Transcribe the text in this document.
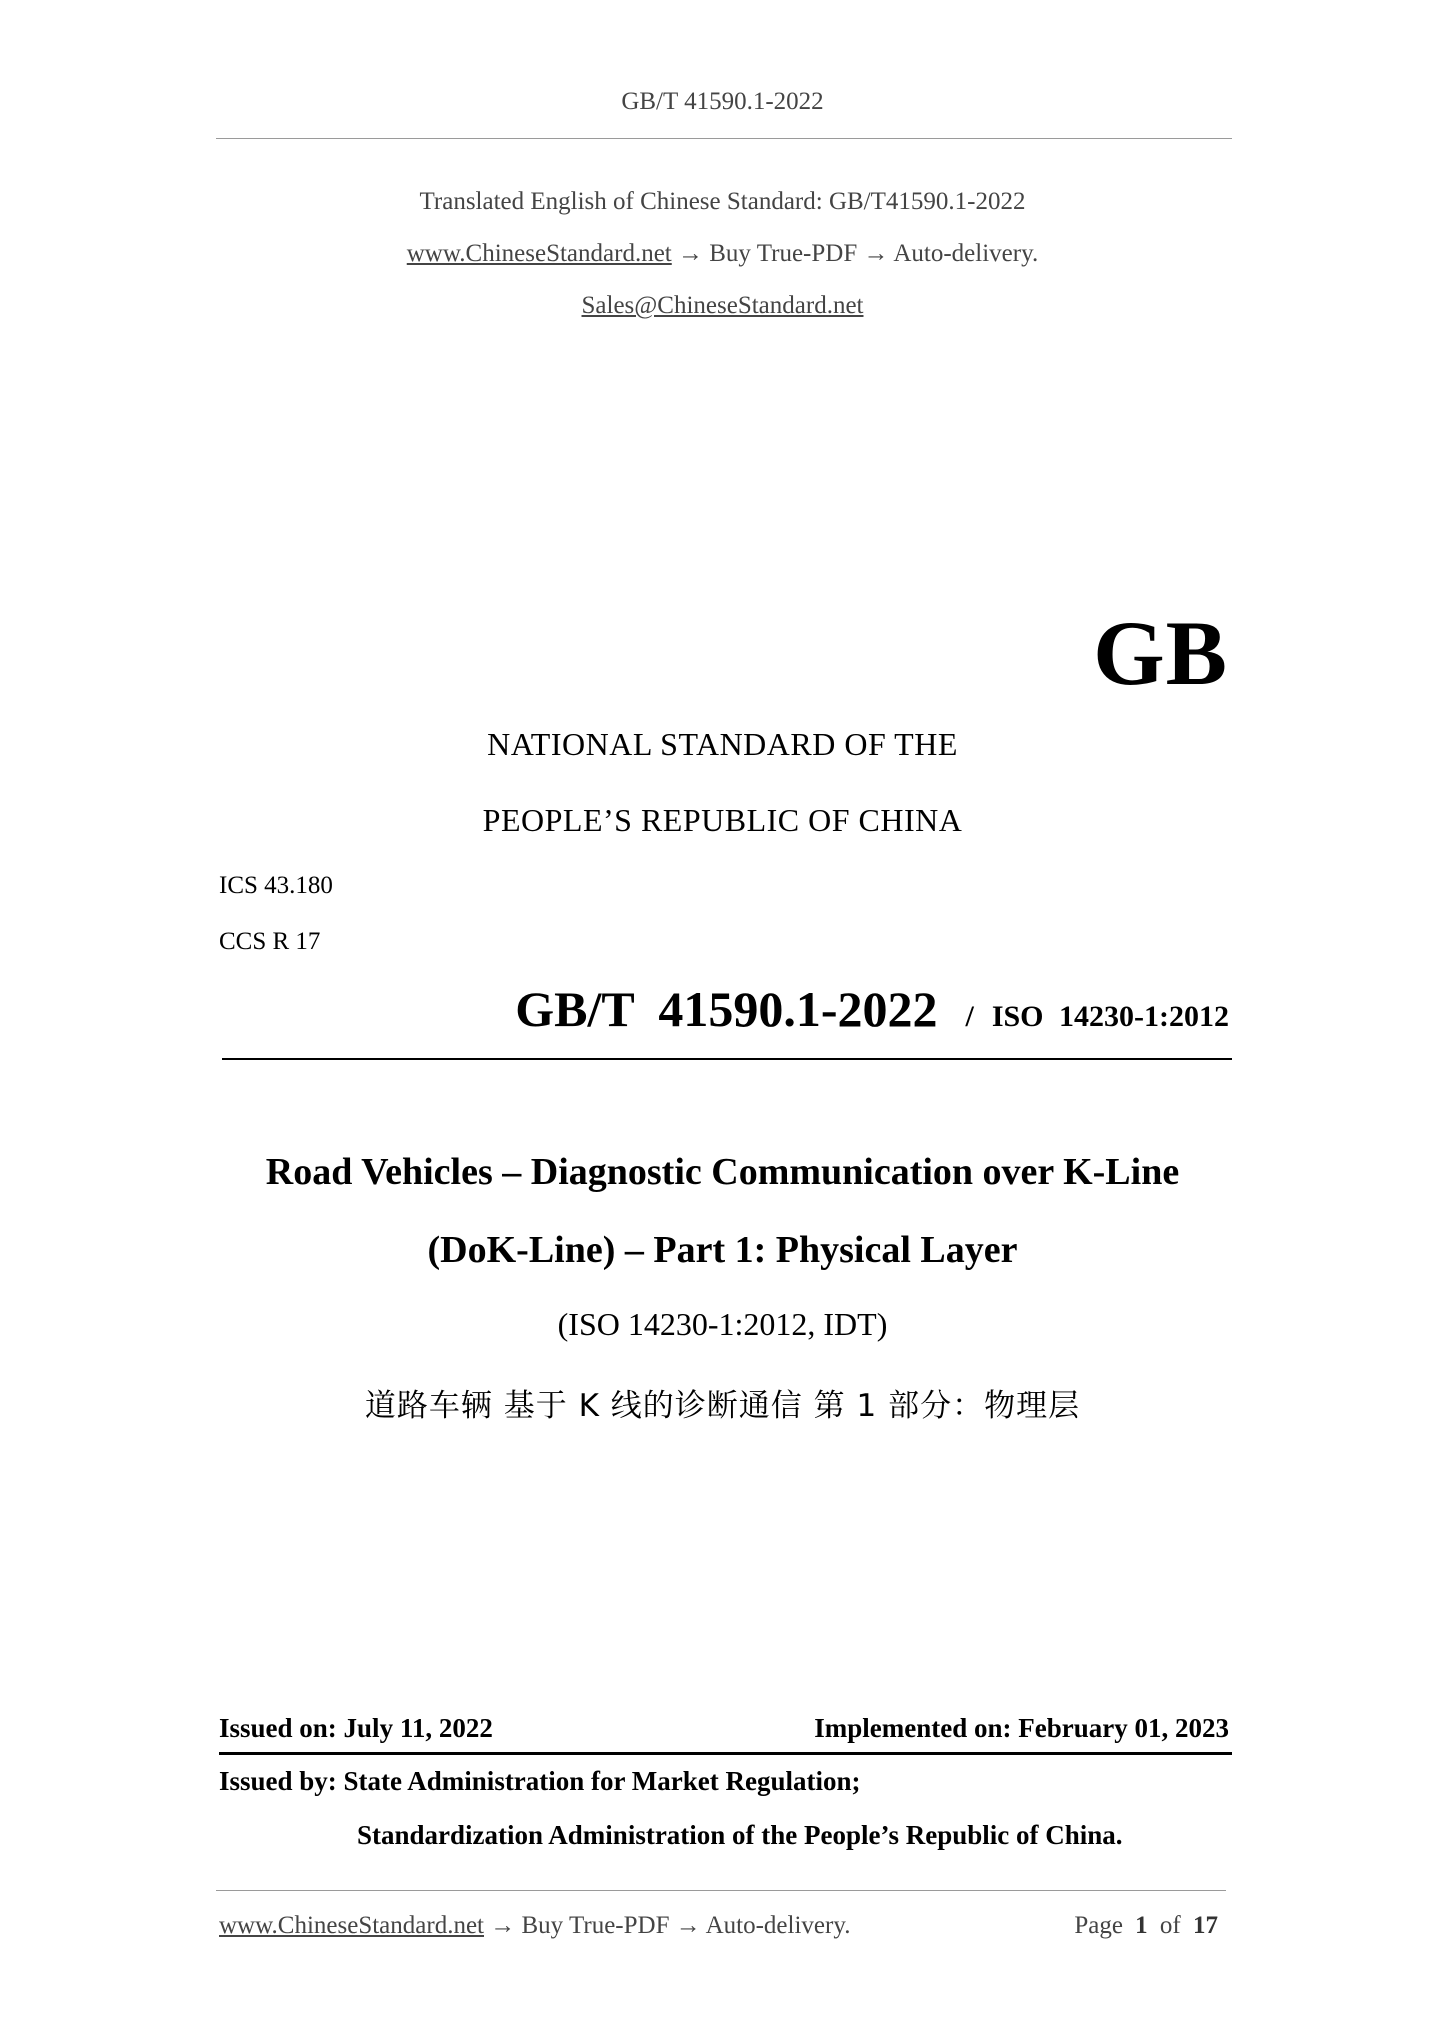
GB/T 41590.1-2022
Translated English of Chinese Standard: GB/T41590.1-2022
www.ChineseStandard.net → Buy True-PDF → Auto-delivery.
Sales@ChineseStandard.net
GB
NATIONAL STANDARD OF THE
PEOPLE’S REPUBLIC OF CHINA
ICS 43.180
CCS R 17
GB/T 41590.1-2022 / ISO 14230-1:2012
Road Vehicles – Diagnostic Communication over K-Line
(DoK-Line) – Part 1: Physical Layer
(ISO 14230-1:2012, IDT)
道路车辆 基于 K 线的诊断通信 第 1 部分：物理层
Issued on: July 11, 2022	Implemented on: February 01, 2023
Issued by: State Administration for Market Regulation;
Standardization Administration of the People’s Republic of China.
www.ChineseStandard.net → Buy True-PDF → Auto-delivery.	Page 1 of 17
